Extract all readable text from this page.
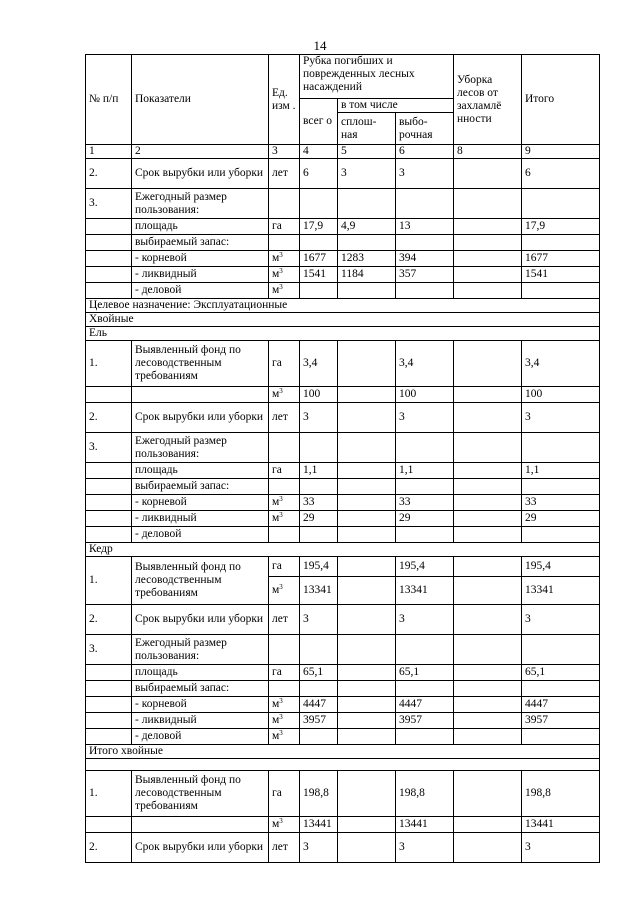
14
№ п/п	Показатели	Ед. изм .	Рубка погибших и поврежденных лесных насаждений			Уборка лесов от захламлё нности	Итого
			всег о	в том числе			
				сплош-ная	выбо-рочная		
1	2	3	4	5	6	8	9
2.	Срок вырубки или уборки	лет	6	3	3		6
3.	Ежегодный размер пользования:						
	площадь	га	17,9	4,9	13		17,9
	выбираемый запас:						
	- корневой	$м^3$	1677	1283	394		1677
	- ликвидный	$м^3$	1541	1184	357		1541
	- деловой	$м^3$					
Целевое назначение: Эксплуатационные							
Хвойные							
Ель							
1.	Выявленный фонд по лесоводственным требованиям	га	3,4		3,4		3,4
		$м^3$	100		100		100
2.	Срок вырубки или уборки	лет	3		3		3
3.	Ежегодный размер пользования:						
	площадь	га	1,1		1,1		1,1
	выбираемый запас:						
	- корневой	$м^3$	33		33		33
	- ликвидный	$м^3$	29		29		29
	- деловой						
Кедр							
1.	Выявленный фонд по лесоводственным требованиям	га	195,4		195,4		195,4
		$м^3$	13341		13341		13341
2.	Срок вырубки или уборки	лет	3		3		3
3.	Ежегодный размер пользования:						
	площадь	га	65,1		65,1		65,1
	выбираемый запас:						
	- корневой	$м^3$	4447		4447		4447
	- ликвидный	$м^3$	3957		3957		3957
	- деловой	$м^3$					
Итого хвойные							

1.	Выявленный фонд по лесоводственным требованиям	га	198,8		198,8		198,8
		$м^3$	13441		13441		13441
2.	Срок вырубки или уборки	лет	3		3		3
